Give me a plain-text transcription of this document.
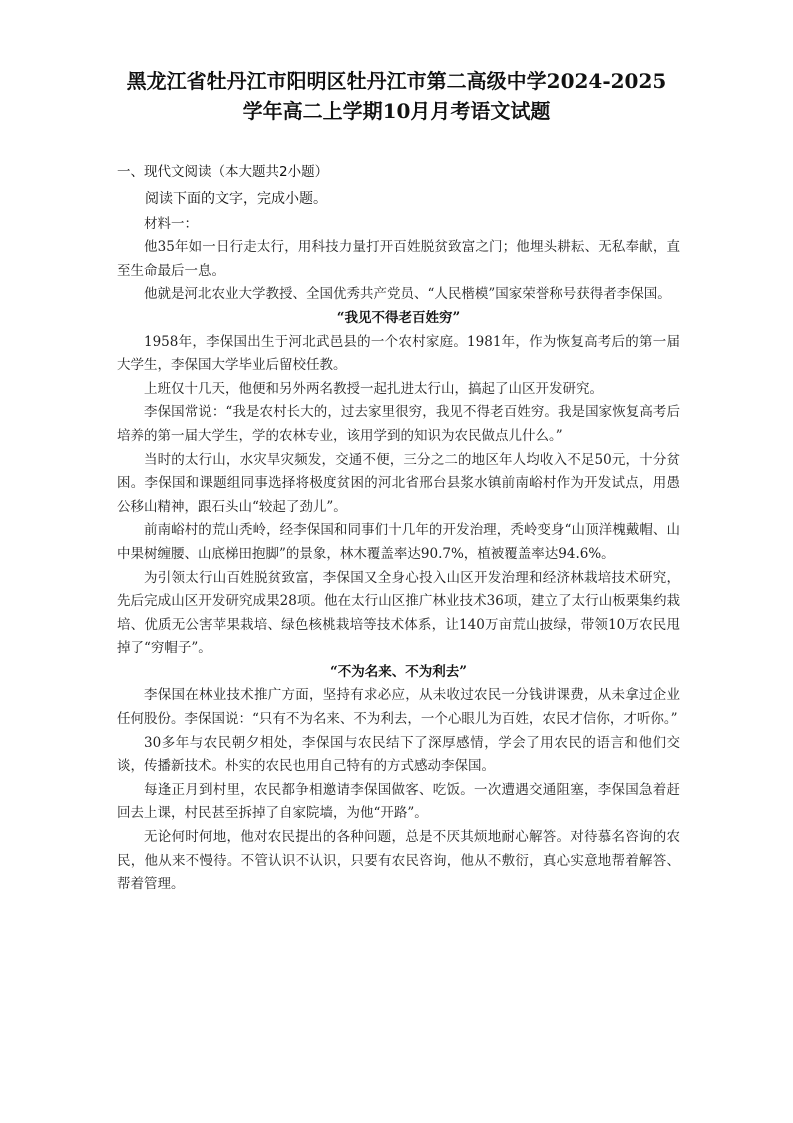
黑龙江省牡丹江市阳明区牡丹江市第二高级中学2024-2025
学年高二上学期10月月考语文试题
一、现代文阅读（本大题共2小题）

阅读下面的文字，完成小题。

材料一：

他35年如一日行走太行，用科技力量打开百姓脱贫致富之门；他埋头耕耘、无私奉献，直至生命最后一息。

他就是河北农业大学教授、全国优秀共产党员、“人民楷模”国家荣誉称号获得者李保国。

“我见不得老百姓穷”

1958年，李保国出生于河北武邑县的一个农村家庭。1981年，作为恢复高考后的第一届大学生，李保国大学毕业后留校任教。

上班仅十几天，他便和另外两名教授一起扎进太行山，搞起了山区开发研究。

李保国常说：“我是农村长大的，过去家里很穷，我见不得老百姓穷。我是国家恢复高考后培养的第一届大学生，学的农林专业，该用学到的知识为农民做点儿什么。”

当时的太行山，水灾旱灾频发，交通不便，三分之二的地区年人均收入不足50元，十分贫困。李保国和课题组同事选择将极度贫困的河北省邢台县浆水镇前南峪村作为开发试点，用愚公移山精神，跟石头山“较起了劲儿”。

前南峪村的荒山秃岭，经李保国和同事们十几年的开发治理，秃岭变身“山顶洋槐戴帽、山中果树缠腰、山底梯田抱脚”的景象，林木覆盖率达90.7%，植被覆盖率达94.6%。

为引领太行山百姓脱贫致富，李保国又全身心投入山区开发治理和经济林栽培技术研究，先后完成山区开发研究成果28项。他在太行山区推广林业技术36项，建立了太行山板栗集约栽培、优质无公害苹果栽培、绿色核桃栽培等技术体系，让140万亩荒山披绿，带领10万农民甩掉了“穷帽子”。

“不为名来、不为利去”

李保国在林业技术推广方面，坚持有求必应，从未收过农民一分钱讲课费，从未拿过企业任何股份。李保国说：“只有不为名来、不为利去，一个心眼儿为百姓，农民才信你，才听你。”

30多年与农民朝夕相处，李保国与农民结下了深厚感情，学会了用农民的语言和他们交谈，传播新技术。朴实的农民也用自己特有的方式感动李保国。

每逢正月到村里，农民都争相邀请李保国做客、吃饭。一次遭遇交通阻塞，李保国急着赶回去上课，村民甚至拆掉了自家院墙，为他“开路”。

无论何时何地，他对农民提出的各种问题，总是不厌其烦地耐心解答。对待慕名咨询的农民，他从来不慢待。不管认识不认识，只要有农民咨询，他从不敷衍，真心实意地帮着解答、帮着管理。
